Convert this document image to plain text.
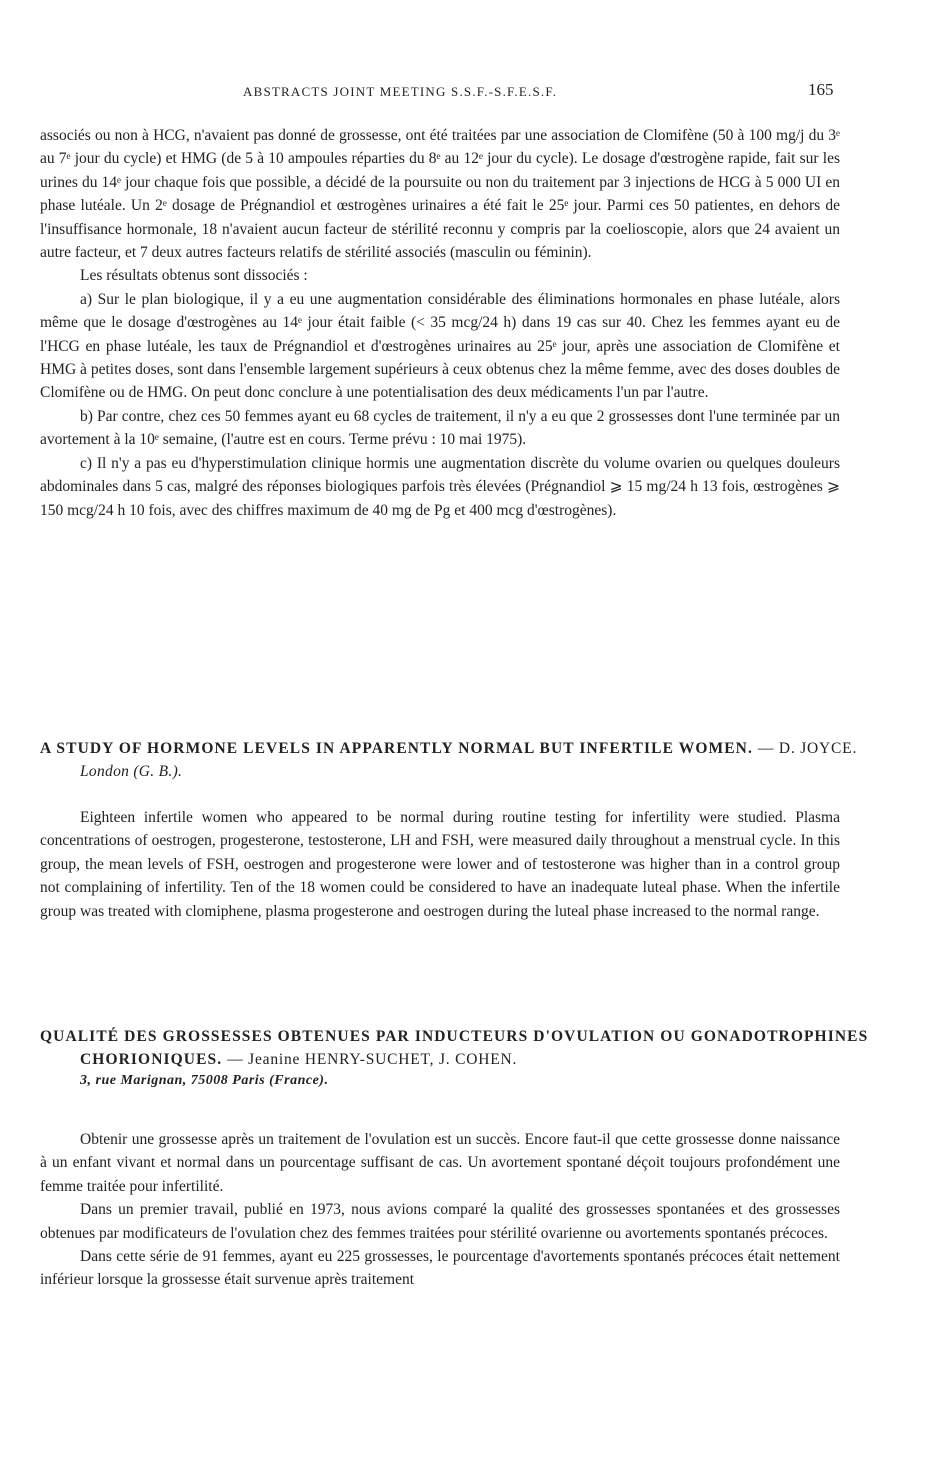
ABSTRACTS JOINT MEETING S.S.F.-S.F.E.S.F.	165

associés ou non à HCG, n'avaient pas donné de grossesse, ont été traitées par une association de Clomifène (50 à 100 mg/j du 3ᵉ au 7ᵉ jour du cycle) et HMG (de 5 à 10 ampoules réparties du 8ᵉ au 12ᵉ jour du cycle). Le dosage d'œstrogène rapide, fait sur les urines du 14ᵉ jour chaque fois que possible, a décidé de la poursuite ou non du traitement par 3 injections de HCG à 5 000 UI en phase lutéale. Un 2ᵉ dosage de Prégnandiol et œstrogènes urinaires a été fait le 25ᵉ jour. Parmi ces 50 patientes, en dehors de l'insuffisance hormonale, 18 n'avaient aucun facteur de stérilité reconnu y compris par la coelioscopie, alors que 24 avaient un autre facteur, et 7 deux autres facteurs relatifs de stérilité associés (masculin ou féminin).

Les résultats obtenus sont dissociés :

a) Sur le plan biologique, il y a eu une augmentation considérable des éliminations hormonales en phase lutéale, alors même que le dosage d'œstrogènes au 14ᵉ jour était faible (< 35 mcg/24 h) dans 19 cas sur 40. Chez les femmes ayant eu de l'HCG en phase lutéale, les taux de Prégnandiol et d'œstrogènes urinaires au 25ᵉ jour, après une association de Clomifène et HMG à petites doses, sont dans l'ensemble largement supérieurs à ceux obtenus chez la même femme, avec des doses doubles de Clomifène ou de HMG. On peut donc conclure à une potentialisation des deux médicaments l'un par l'autre.

b) Par contre, chez ces 50 femmes ayant eu 68 cycles de traitement, il n'y a eu que 2 grossesses dont l'une terminée par un avortement à la 10ᵉ semaine, (l'autre est en cours. Terme prévu : 10 mai 1975).

c) Il n'y a pas eu d'hyperstimulation clinique hormis une augmentation discrète du volume ovarien ou quelques douleurs abdominales dans 5 cas, malgré des réponses biologiques parfois très élevées (Prégnandiol ⩾ 15 mg/24 h 13 fois, œstrogènes ⩾ 150 mcg/24 h 10 fois, avec des chiffres maximum de 40 mg de Pg et 400 mcg d'œstrogènes).

A STUDY OF HORMONE LEVELS IN APPARENTLY NORMAL BUT INFERTILE WOMEN. — D. JOYCE. London (G. B.).

Eighteen infertile women who appeared to be normal during routine testing for infertility were studied. Plasma concentrations of oestrogen, progesterone, testosterone, LH and FSH, were measured daily throughout a menstrual cycle. In this group, the mean levels of FSH, oestrogen and progesterone were lower and of testosterone was higher than in a control group not complaining of infertility. Ten of the 18 women could be considered to have an inadequate luteal phase. When the infertile group was treated with clomiphene, plasma progesterone and oestrogen during the luteal phase increased to the normal range.

QUALITÉ DES GROSSESSES OBTENUES PAR INDUCTEURS D'OVULATION OU GONADOTROPHINES CHORIONIQUES. — Jeanine HENRY-SUCHET, J. COHEN.
3, rue Marignan, 75008 Paris (France).

Obtenir une grossesse après un traitement de l'ovulation est un succès. Encore faut-il que cette grossesse donne naissance à un enfant vivant et normal dans un pourcentage suffisant de cas. Un avortement spontané déçoit toujours profondément une femme traitée pour infertilité.

Dans un premier travail, publié en 1973, nous avions comparé la qualité des grossesses spontanées et des grossesses obtenues par modificateurs de l'ovulation chez des femmes traitées pour stérilité ovarienne ou avortements spontanés précoces.

Dans cette série de 91 femmes, ayant eu 225 grossesses, le pourcentage d'avortements spontanés précoces était nettement inférieur lorsque la grossesse était survenue après traitement
